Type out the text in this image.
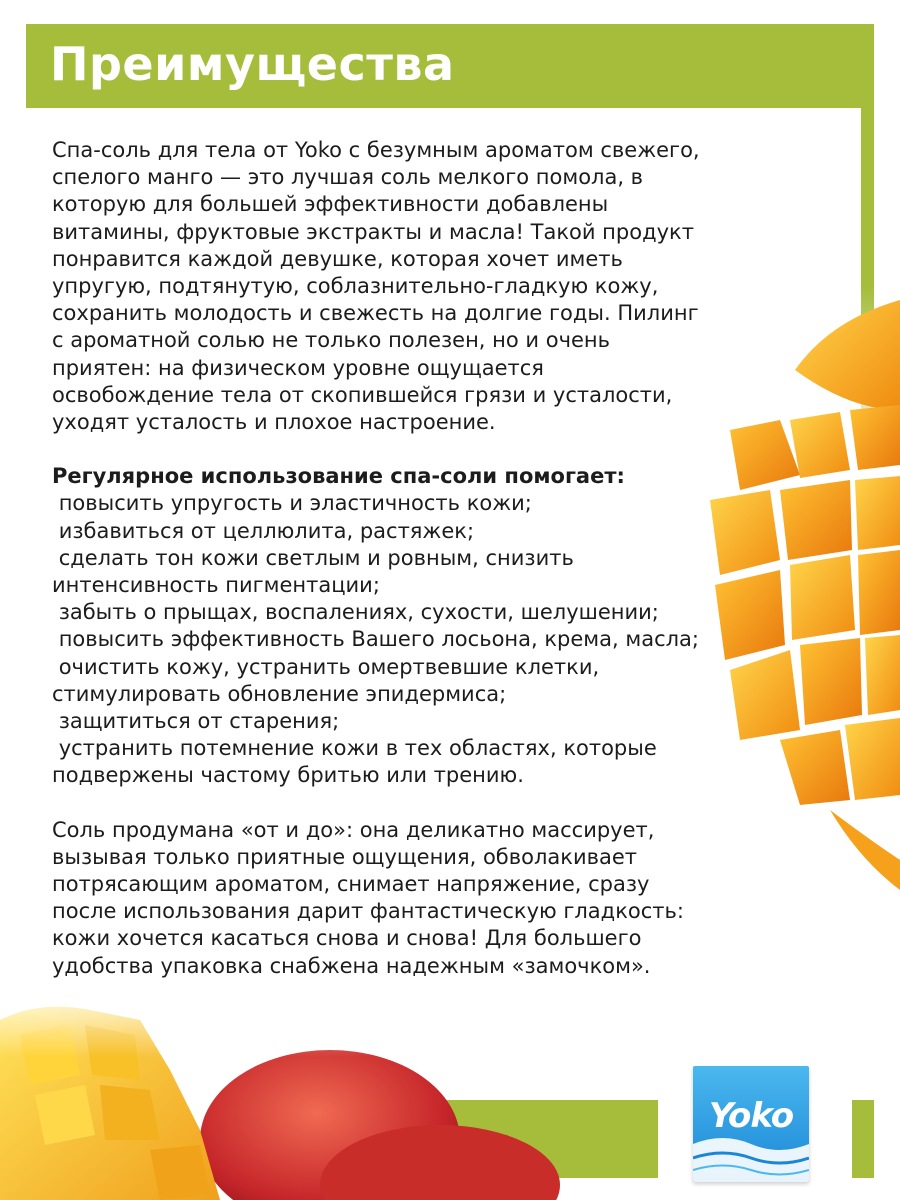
Преимущества

Спа-соль для тела от Yoko с безумным ароматом свежего,

спелого манго — это лучшая соль мелкого помола, в

которую для большей эффективности добавлены

витамины, фруктовые экстракты и масла! Такой продукт

понравится каждой девушке, которая хочет иметь

упругую, подтянутую, соблазнительно-гладкую кожу,

сохранить молодость и свежесть на долгие годы. Пилинг

с ароматной солью не только полезен, но и очень

приятен: на физическом уровне ощущается

освобождение тела от скопившейся грязи и усталости,

уходят усталость и плохое настроение.

Регулярное использование спа-соли помогает:

повысить упругость и эластичность кожи;

избавиться от целлюлита, растяжек;

сделать тон кожи светлым и ровным, снизить

интенсивность пигментации;

забыть о прыщах, воспалениях, сухости, шелушении;

повысить эффективность Вашего лосьона, крема, масла;

очистить кожу, устранить омертвевшие клетки,

стимулировать обновление эпидермиса;

защититься от старения;

устранить потемнение кожи в тех областях, которые

подвержены частому бритью или трению.

Соль продумана «от и до»: она деликатно массирует,

вызывая только приятные ощущения, обволакивает

потрясающим ароматом, снимает напряжение, сразу

после использования дарит фантастическую гладкость:

кожи хочется касаться снова и снова! Для большего

удобства упаковка снабжена надежным «замочком».

Yoko
